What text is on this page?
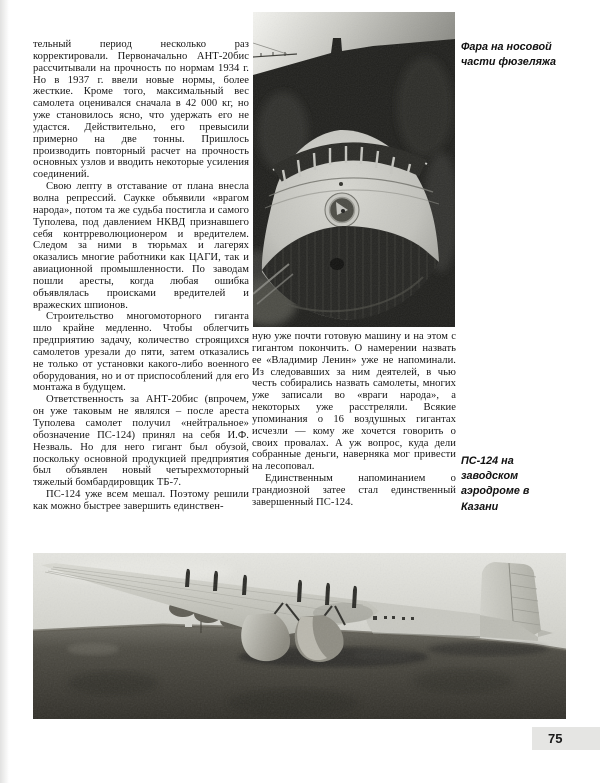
тельный период несколько раз корректировали. Первоначально АНТ-20бис рассчитывали на прочность по нормам 1934 г. Но в 1937 г. ввели новые нормы, более жесткие. Кроме того, максимальный вес самолета оценивался сначала в 42 000 кг, но уже становилось ясно, что удержать его не удастся. Действительно, его превысили примерно на две тонны. Пришлось производить повторный расчет на прочность основных узлов и вводить некоторые усиления соединений.

Свою лепту в отставание от плана внесла волна репрессий. Саукке объявили «врагом народа», потом та же судьба постигла и самого Туполева, под давлением НКВД признавшего себя контрреволюционером и вредителем. Следом за ними в тюрьмах и лагерях оказались многие работники как ЦАГИ, так и авиационной промышленности. По заводам пошли аресты, когда любая ошибка объявлялась происками вредителей и вражеских шпионов.

Строительство многомоторного гиганта шло крайне медленно. Чтобы облегчить предприятию задачу, количество строящихся самолетов урезали до пяти, затем отказались не только от установки какого-либо военного оборудования, но и от приспособлений для его монтажа в будущем.

Ответственность за АНТ-20бис (впрочем, он уже таковым не являлся – после ареста Туполева самолет получил «нейтральное» обозначение ПС-124) принял на себя И.Ф. Незваль. Но для него гигант был обузой, поскольку основной продукцией предприятия был объявлен новый четырехмоторный тяжелый бомбардировщик ТБ-7.

ПС-124 уже всем мешал. Поэтому решили как можно быстрее завершить единствен-

ную уже почти готовую машину и на этом с гигантом покончить. О намерении назвать ее «Владимир Ленин» уже не напоминали. Из следовавших за ним деятелей, в чью честь собирались назвать самолеты, многих уже записали во «враги народа», а некоторых уже расстреляли. Всякие упоминания о 16 воздушных гигантах исчезли — кому же хочется говорить о своих провалах. А уж вопрос, куда дели собранные деньги, наверняка мог привести на лесоповал.

Единственным напоминанием о грандиозной затее стал единственный завершенный ПС-124.

Фара на носовой части фюзеляжа
ПС-124 на заводском аэродроме в Казани
75
